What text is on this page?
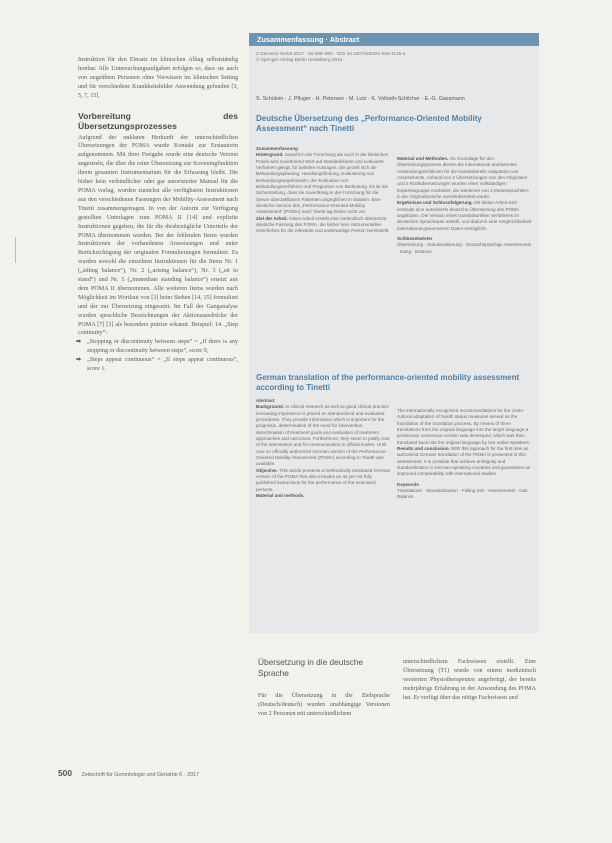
Instruktion für den Einsatz im klinischen Alltag selbstständig lernbar. Alle Untersuchungsaufgaben erfolgen so, dass sie auch von ungeübten Personen ohne Vorwissen im klinischen Setting und für verschiedene Krankheitsbilder Anwendung gefunden [3, 5, 7, 15].

Vorbereitung des Übersetzungsprozesses

Aufgrund der unklaren Herkunft der unterschiedlichen Übersetzungen der POMA wurde Kontakt zur Erstautorin aufgenommen. Mit ihrer Freigabe wurde eine deutsche Version angestrebt, die über die reine Übersetzung zur Screeningfunktion ihrem gesamten Instrumentarium für die Erfassung bleibt. Die bisher kein verbindlicher oder gar autorisierter Manual für die POMA vorlag, wurden zunächst alle verfügbaren Instruktionen aus den verschiedenen Fassungen der Mobility-Assessment nach Tinetti zusammengetragen. In von der Autorin zur Verfügung gestellten Unterlagen zum POMA II [14] und explizite Instruktionen gegeben, die für die diesbezügliche Unterteile der POMA übernommen wurden. Bei der fehlenden Items wurden Instruktionen der vorhandenen Anweisungen und unter Berücksichtigung der originalen Formulierungen formuliert. Es wurden sowohl die einzelnen Instruktionen für die Items Nr. 1 („sitting balance“), Nr. 2 („arising balance“), Nr. 3 („sit to stand“) und Nr. 5 („immediate standing balance“) ersetzt aus dem POMA II übernommen. Alle weiteren Items wurden nach Möglichkeit im Wortlaut von [3] beim Stehen [14, 15] formuliert und der zur Übersetzung eingesetzt. Im Fall der Ganganalyse wurden sprachliche Bezeichnungen der Aktionsausdrücke der POMA [7] [3] als besonders präzise erkannt. Beispiel: 14. „Step continuity“:

➡ „Stopping or discontinuity between steps“ = „If there is any stopping or discontinuity between steps“, score 0,
➡ „Steps appear continuous“ = „If steps appear continuous“, score 1.
Zusammenfassung · Abstract
Z Gerontol Geriat 2017 · 50:499–505 · DOI 10.1007/s00391-016-1125-4
© Springer-Verlag Berlin Heidelberg 2016
S. Schülein · J. Pfluger · H. Petersen · M. Lutz · K. Vollrath-Schilcher · E.-G. Gassmann
Deutsche Übersetzung des „Performance-Oriented Mobility Assessment“ nach Tinetti

Zusammenfassung

Hintergrund. Sowohl in der Forschung als auch in der klinischen Praxis wird zunehmend Wert auf standardisierte und evaluierte Verfahren gelegt, für beliebte Aussagen, die gezielt sich die Behandlungsplanung, Handlungsfindung, Evaluierung von Behandlungsergebnissen, der Evaluation von Behandlungsverfahren und Prognosen von Bedeutung. Es ist die Sicherstellung, dass sie zuverlässig in der Forschung für die Steuer überzählbaren Patienten angeglichen in Staaten. Eine deutsche Version des „Performance-Oriented Mobility Assessment“ (POMA) nach Tinetti lag bisher nicht vor.

Ziel der Arbeit. Diese Arbeit erstellt eine methodisch übersetzte deutsche Fassung des POMA, die bisher kein instrumentelles Geschehen für die relevante und anderweitige Person bereitstellt.

Material und Methoden. Als Grundlage für den Übersetzungsprozess dienen die international anerkannten Anwendungsrichtlinien für die transkulturelle Adaptation von Assessments. Anhand von 2 Übersetzungen von den Originalen und 2 Rückübersetzungen wurden einer vollständigen Expertengruppe erarbeitet, die wiederum von 2 Muttersprachlern in die Originalsprache zurückübersetzt wurde.

Ergebnisse und Schlussfolgerung. Mit dieser Arbeit wird erstmals eine autorisierte deutsche Übersetzung des POMA angeboten. Die Version eines transkulturellen Verfahrens im deutschen Sprachraum erstellt, und dadurch eine Vergleichbarkeit international gewonnenen Daten ermöglicht.

Schlüsselwörter

Übersetzung · Standardisierung · Deutschsprachige Assessments · Gang · Balance

German translation of the performance-oriented mobility assessment according to Tinetti

Abstract

Background. In clinical research as well as good clinical practice increasing importance is placed on standardized and evaluated procedures. They provide information which is important for the prognosis, determination of the need for intervention, determination of treatment goals and evaluation of treatment approaches and outcomes. Furthermore, they serve to justify cost of the intervention and for communication to official bodies. Until now no officially authorized German version of the Performance-Oriented Mobility Assessment (POMA) according to Tinetti was available.

Objective. This article presents a methodically translated German version of the POMA that also includes an as yet not fully published instructions for the performance of the examined persons.

Material and methods.

The internationally recognized recommendations for the cross-cultural adaptation of health status measures served as the foundation of the translation process. By means of three translations from the original language into the target language a preliminary consensus version was developed, which was then translated back into the original language by two native speakers.

Results and conclusion. With this approach for the first time an authorized German translation of the POMA is presented in this assessment. It is possible that achieve ambiguity and standardization in German-speaking countries and guarantees an improved comparability with international studies.

Keywords

Translations · Standardization · Falling risk · Assessments · Gait · Balance

Übersetzung in die deutsche Sprache

Für die Übersetzung in die Zielsprache (Deutsch/deutsch) wurden unabhängige Versionen von 2 Personen mit unterschiedlichem

unterschiedlichem Fachwissen erstellt. Eine Übersetzung (T1) wurde von einem medizinisch versierten Physiotherapeuten angefertigt, der bereits mehrjährige Erfahrung in der Anwendung des POMA hat. Er verfügt über das nötige Fachwissen und

500 Zeitschrift für Gerontologie und Geriatrie 6 · 2017
